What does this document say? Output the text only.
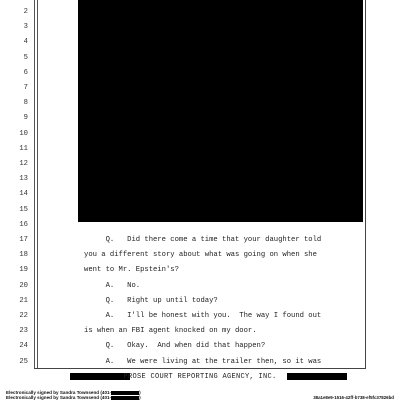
2
3
4
5
6
7
8
9
10
11
12
13
14
15
16
17
18
19
20
21
22
23
24
25
Q.   Did there come a time that your daughter told
you a different story about what was going on when she
went to Mr. Epstein's?
A.   No.
Q.   Right up until today?
A.   I'll be honest with you.  The way I found out
is when an FBI agent knocked on my door.
Q.   Okay.  And when did that happen?
A.   We were living at the trailer then, so it was
PROSE COURT REPORTING AGENCY, INC.
Electronically signed by Sandra Townsend (401-	)
Electronically signed by Sandra Townsend (401-	)	38a1e8e9-1516-42ff-b738-ef5fc37826bd
